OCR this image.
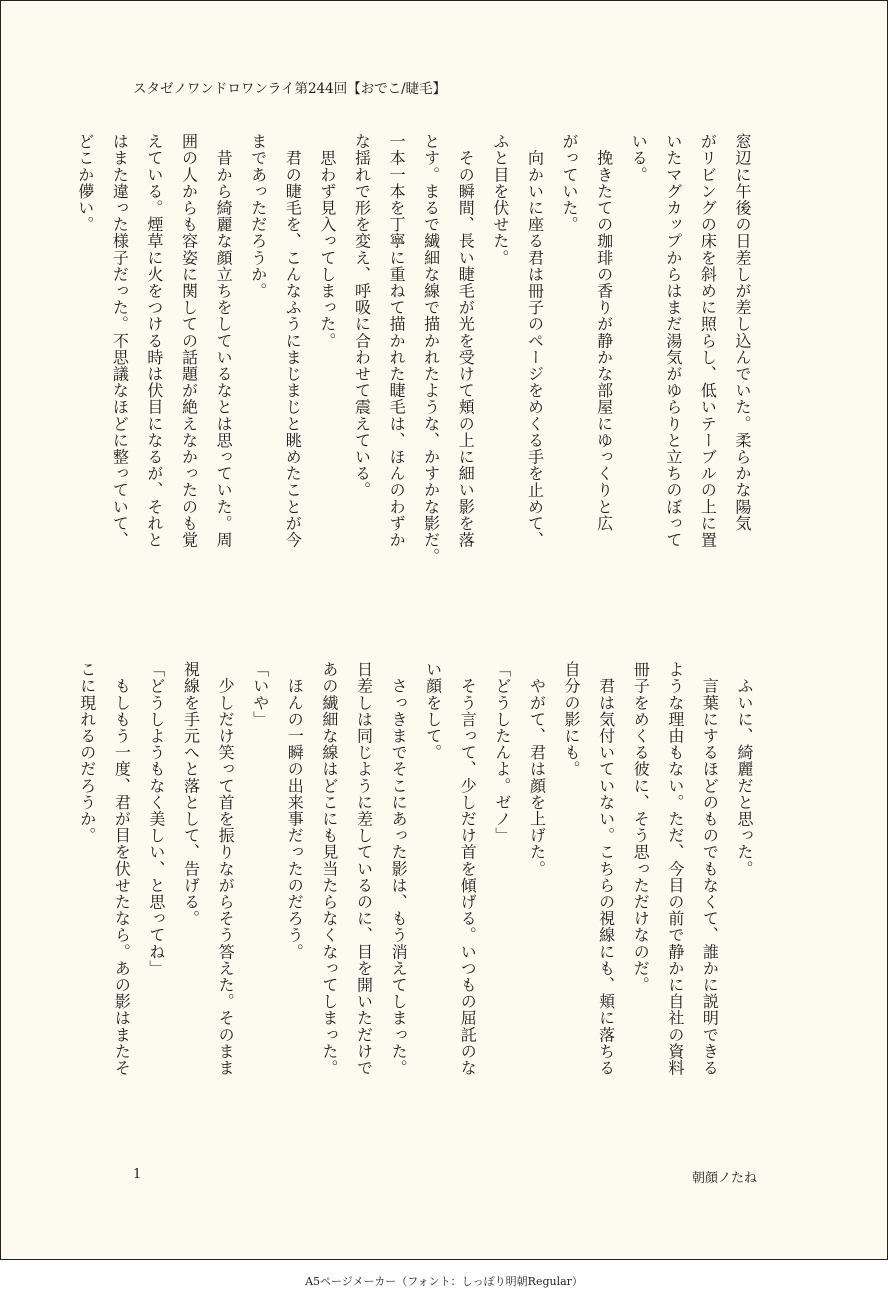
スタゼノワンドロワンライ第244回【おでこ/睫毛】

窓辺に午後の日差しが差し込んでいた。柔らかな陽気
がリビングの床を斜めに照らし、低いテーブルの上に置
いたマグカップからはまだ湯気がゆらりと立ちのぼって
いる。

　挽きたての珈琲の香りが静かな部屋にゆっくりと広
がっていた。

　向かいに座る君は冊子のページをめくる手を止めて、
ふと目を伏せた。

　その瞬間、長い睫毛が光を受けて頬の上に細い影を落
とす。まるで繊細な線で描かれたような、かすかな影だ。
一本一本を丁寧に重ねて描かれた睫毛は、ほんのわずか
な揺れで形を変え、呼吸に合わせて震えている。

　思わず見入ってしまった。

　君の睫毛を、こんなふうにまじまじと眺めたことが今
まであっただろうか。

　昔から綺麗な顔立ちをしているなとは思っていた。周
囲の人からも容姿に関しての話題が絶えなかったのも覚
えている。煙草に火をつける時は伏目になるが、それと
はまた違った様子だった。不思議なほどに整っていて、
どこか儚い。

　ふいに、綺麗だと思った。

　言葉にするほどのものでもなくて、誰かに説明できる
ような理由もない。ただ、今目の前で静かに自社の資料
冊子をめくる彼に、そう思っただけなのだ。

　君は気付いていない。こちらの視線にも、頬に落ちる
自分の影にも。

　やがて、君は顔を上げた。

「どうしたんよ。ゼノ」

　そう言って、少しだけ首を傾げる。いつもの屈託のな
い顔をして。

　さっきまでそこにあった影は、もう消えてしまった。
日差しは同じように差しているのに、目を開いただけで
あの繊細な線はどこにも見当たらなくなってしまった。

　ほんの一瞬の出来事だったのだろう。

「いや」

　少しだけ笑って首を振りながらそう答えた。そのまま
視線を手元へと落として、告げる。

「どうしようもなく美しい、と思ってね」

　もしもう一度、君が目を伏せたなら。あの影はまたそ
こに現れるのだろうか。

1	朝顔ノたね
A5ページメーカー（フォント：しっぽり明朝Regular）
